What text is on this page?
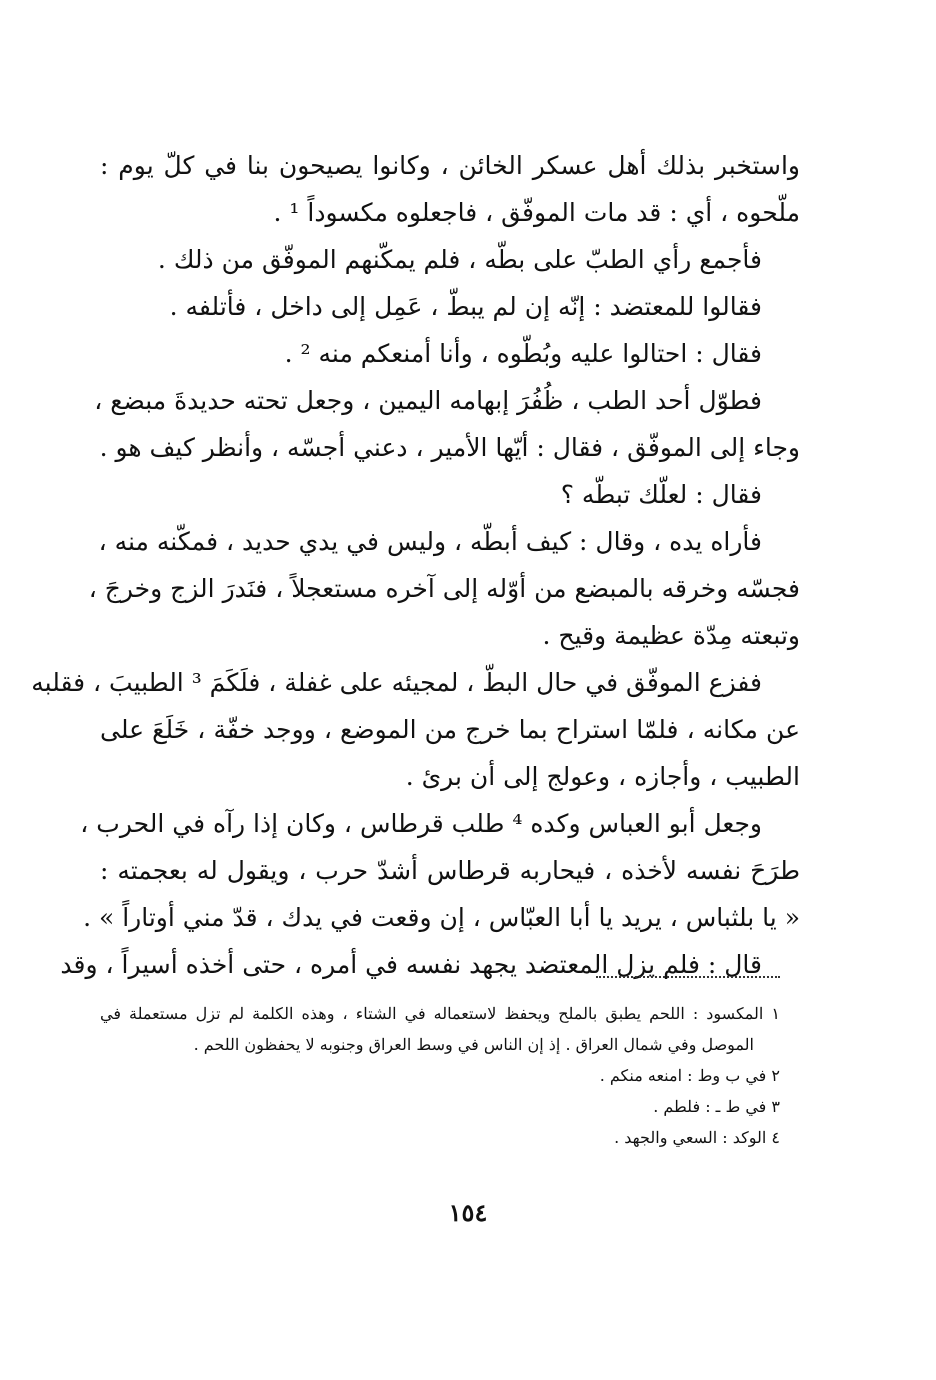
واستخبر بذلك أهل عسكر الخائن ، وكانوا يصيحون بنا في كلّ يوم :
ملّحوه ، أي : قد مات الموفّق ، فاجعلوه مكسوداً ¹ .
فأجمع رأي الطبّ على بطّه ، فلم يمكّنهم الموفّق من ذلك .
فقالوا للمعتضد : إنّه إن لم يبطّ ، عَمِل إلى داخل ، فأتلفه .
فقال : احتالوا عليه وبُطّوه ، وأنا أمنعكم منه ² .
فطوّل أحد الطب ، ظُفُرَ إبهامه اليمين ، وجعل تحته حديدةَ مبضع ،
وجاء إلى الموفّق ، فقال : أيّها الأمير ، دعني أجسّه ، وأنظر كيف هو .
فقال : لعلّك تبطّه ؟
فأراه يده ، وقال : كيف أبطّه ، وليس في يدي حديد ، فمكّنه منه ،
فجسّه وخرقه بالمبضع من أوّله إلى آخره مستعجلاً ، فنَدرَ الزج وخرجَ ،
وتبعته مِدّة عظيمة وقيح .
ففزع الموفّق في حال البطّ ، لمجيئه على غفلة ، فلَكَمَ ³ الطبيبَ ، فقلبه
عن مكانه ، فلمّا استراح بما خرج من الموضع ، ووجد خفّة ، خَلَعَ على
الطبيب ، وأجازه ، وعولج إلى أن برئ .
وجعل أبو العباس وكده ⁴ طلب قرطاس ، وكان إذا رآه في الحرب ،
طرَحَ نفسه لأخذه ، فيحاربه قرطاس أشدّ حرب ، ويقول له بعجمته :
« يا بلثباس ، يريد يا أبا العبّاس ، إن وقعت في يدك ، قدّ مني أوتاراً » .
قال : فلم يزل المعتضد يجهد نفسه في أمره ، حتى أخذه أسيراً ، وقد
١ المكسود : اللحم يطبق بالملح ويحفظ لاستعماله في الشتاء ، وهذه الكلمة لم تزل مستعملة في
الموصل وفي شمال العراق . إذ إن الناس في وسط العراق وجنوبه لا يحفظون اللحم .
٢ في ب وط : امنعه منكم .
٣ في ط ـ : فلطم .
٤ الوكد : السعي والجهد .
١٥٤
